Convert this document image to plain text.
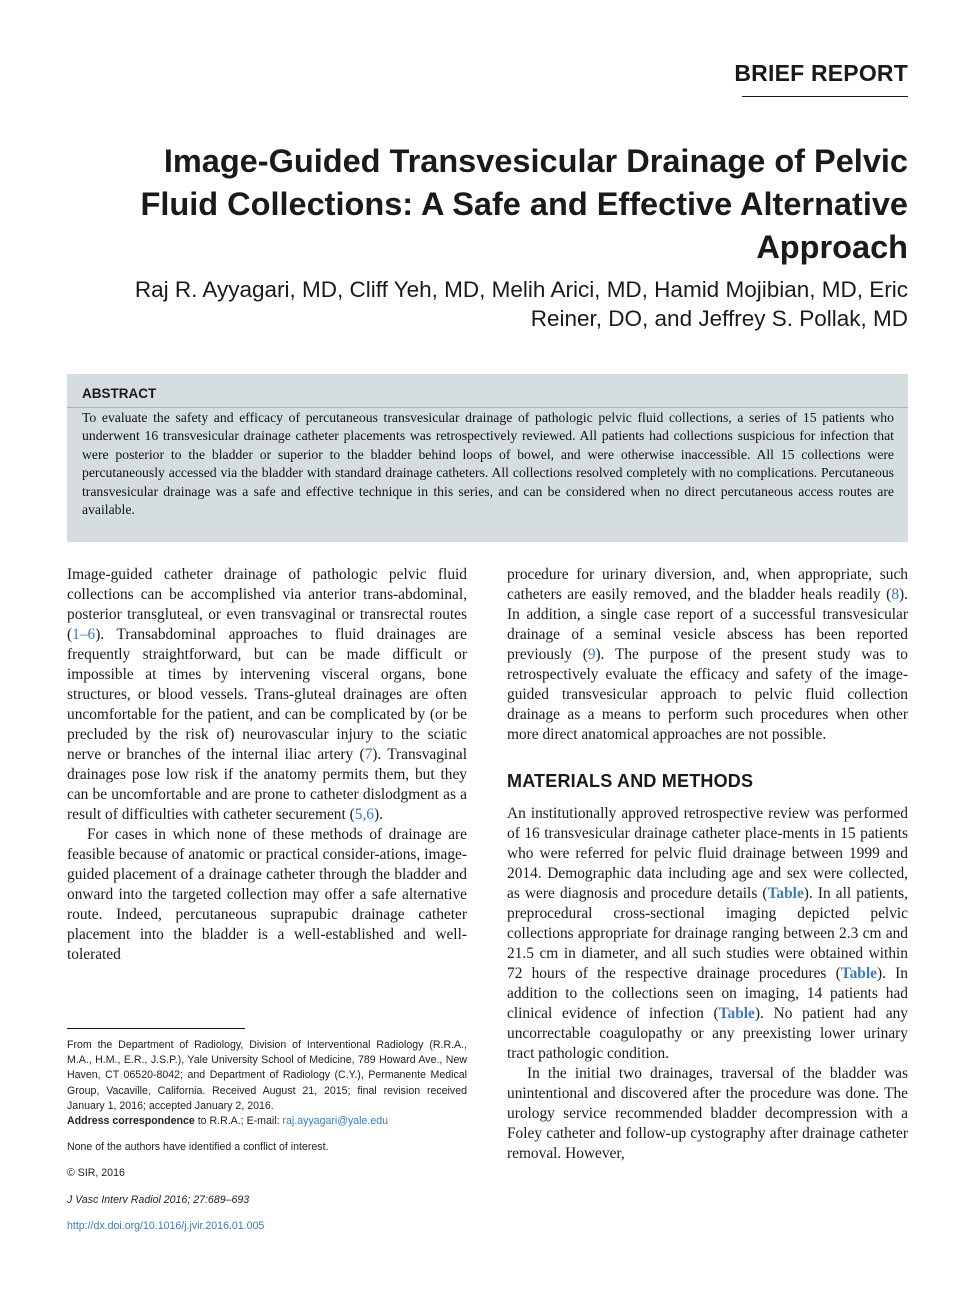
BRIEF REPORT
Image-Guided Transvesicular Drainage of Pelvic Fluid Collections: A Safe and Effective Alternative Approach

Raj R. Ayyagari, MD, Cliff Yeh, MD, Melih Arici, MD, Hamid Mojibian, MD, Eric Reiner, DO, and Jeffrey S. Pollak, MD

ABSTRACT

To evaluate the safety and efficacy of percutaneous transvesicular drainage of pathologic pelvic fluid collections, a series of 15 patients who underwent 16 transvesicular drainage catheter placements was retrospectively reviewed. All patients had collections suspicious for infection that were posterior to the bladder or superior to the bladder behind loops of bowel, and were otherwise inaccessible. All 15 collections were percutaneously accessed via the bladder with standard drainage catheters. All collections resolved completely with no complications. Percutaneous transvesicular drainage was a safe and effective technique in this series, and can be considered when no direct percutaneous access routes are available.

Image-guided catheter drainage of pathologic pelvic fluid collections can be accomplished via anterior trans-abdominal, posterior transgluteal, or even transvaginal or transrectal routes (1–6). Transabdominal approaches to fluid drainages are frequently straightforward, but can be made difficult or impossible at times by intervening visceral organs, bone structures, or blood vessels. Trans-gluteal drainages are often uncomfortable for the patient, and can be complicated by (or be precluded by the risk of) neurovascular injury to the sciatic nerve or branches of the internal iliac artery (7). Transvaginal drainages pose low risk if the anatomy permits them, but they can be uncomfortable and are prone to catheter dislodgment as a result of difficulties with catheter securement (5,6).

For cases in which none of these methods of drainage are feasible because of anatomic or practical consider-ations, image-guided placement of a drainage catheter through the bladder and onward into the targeted collection may offer a safe alternative route. Indeed, percutaneous suprapubic drainage catheter placement into the bladder is a well-established and well-tolerated

procedure for urinary diversion, and, when appropriate, such catheters are easily removed, and the bladder heals readily (8). In addition, a single case report of a successful transvesicular drainage of a seminal vesicle abscess has been reported previously (9). The purpose of the present study was to retrospectively evaluate the efficacy and safety of the image-guided transvesicular approach to pelvic fluid collection drainage as a means to perform such procedures when other more direct anatomical approaches are not possible.

MATERIALS AND METHODS

An institutionally approved retrospective review was performed of 16 transvesicular drainage catheter place-ments in 15 patients who were referred for pelvic fluid drainage between 1999 and 2014. Demographic data including age and sex were collected, as were diagnosis and procedure details (Table). In all patients, preprocedural cross-sectional imaging depicted pelvic collections appropriate for drainage ranging between 2.3 cm and 21.5 cm in diameter, and all such studies were obtained within 72 hours of the respective drainage procedures (Table). In addition to the collections seen on imaging, 14 patients had clinical evidence of infection (Table). No patient had any uncorrectable coagulopathy or any preexisting lower urinary tract pathologic condition.

In the initial two drainages, traversal of the bladder was unintentional and discovered after the procedure was done. The urology service recommended bladder decompression with a Foley catheter and follow-up cystography after drainage catheter removal. However,

From the Department of Radiology, Division of Interventional Radiology (R.R.A., M.A., H.M., E.R., J.S.P.), Yale University School of Medicine, 789 Howard Ave., New Haven, CT 06520-8042; and Department of Radiology (C.Y.), Permanente Medical Group, Vacaville, California. Received August 21, 2015; final revision received January 1, 2016; accepted January 2, 2016.

Address correspondence to R.R.A.; E-mail: raj.ayyagari@yale.edu

None of the authors have identified a conflict of interest.

© SIR, 2016

J Vasc Interv Radiol 2016; 27:689–693

http://dx.doi.org/10.1016/j.jvir.2016.01.005
